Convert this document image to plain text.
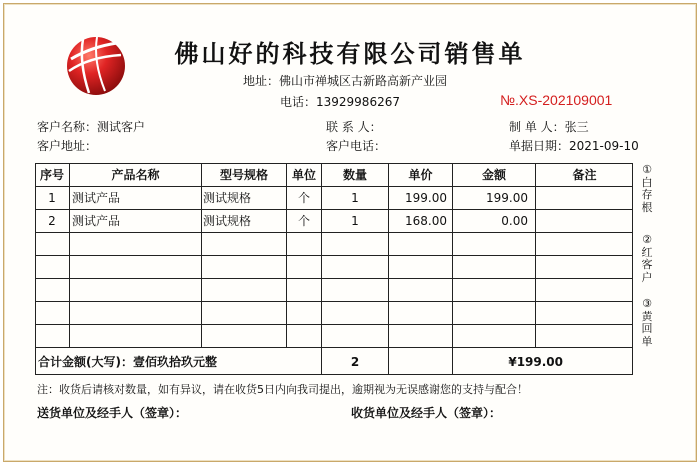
佛山好的科技有限公司销售单
地址：佛山市禅城区古新路高新产业园
电话：13929986267	№.XS-202109001
客户名称：测试客户
客户地址：
联 系 人：
客户电话：
制 单 人：张三
单据日期：2021-09-10
序号	产品名称	型号规格	单位	数量	单价	金额	备注
1	测试产品	测试规格	个	1	199.00	199.00
2	测试产品	测试规格	个	1	168.00	0.00
合计金额(大写)：壹佰玖拾玖元整	2	¥199.00
①白存根
②红客户
③黄回单
注：收货后请核对数量，如有异议，请在收货5日内向我司提出，逾期视为无误感谢您的支持与配合！
送货单位及经手人（签章）：	收货单位及经手人（签章）：
